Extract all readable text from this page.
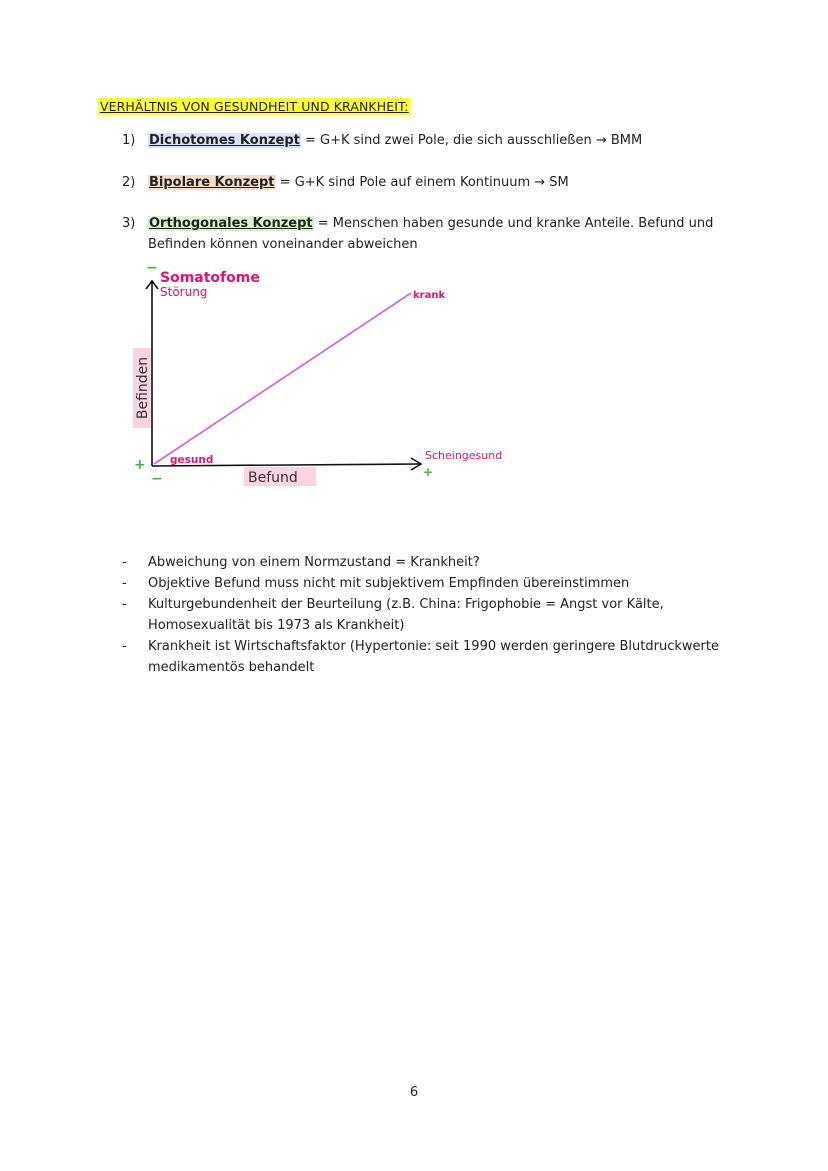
VERHÄLTNIS VON GESUNDHEIT UND KRANKHEIT:
1) Dichotomes Konzept = G+K sind zwei Pole, die sich ausschließen → BMM
2) Bipolare Konzept = G+K sind Pole auf einem Kontinuum → SM
3) Orthogonales Konzept = Menschen haben gesunde und kranke Anteile. Befund und Befinden können voneinander abweichen
−
+
−	+
Somatofome
Störung	krank
gesund	Scheingesund
Befund
Befinden
- Abweichung von einem Normzustand = Krankheit?
- Objektive Befund muss nicht mit subjektivem Empfinden übereinstimmen
- Kulturgebundenheit der Beurteilung (z.B. China: Frigophobie = Angst vor Kälte, Homosexualität bis 1973 als Krankheit)
- Krankheit ist Wirtschaftsfaktor (Hypertonie: seit 1990 werden geringere Blutdruckwerte medikamentös behandelt
6
